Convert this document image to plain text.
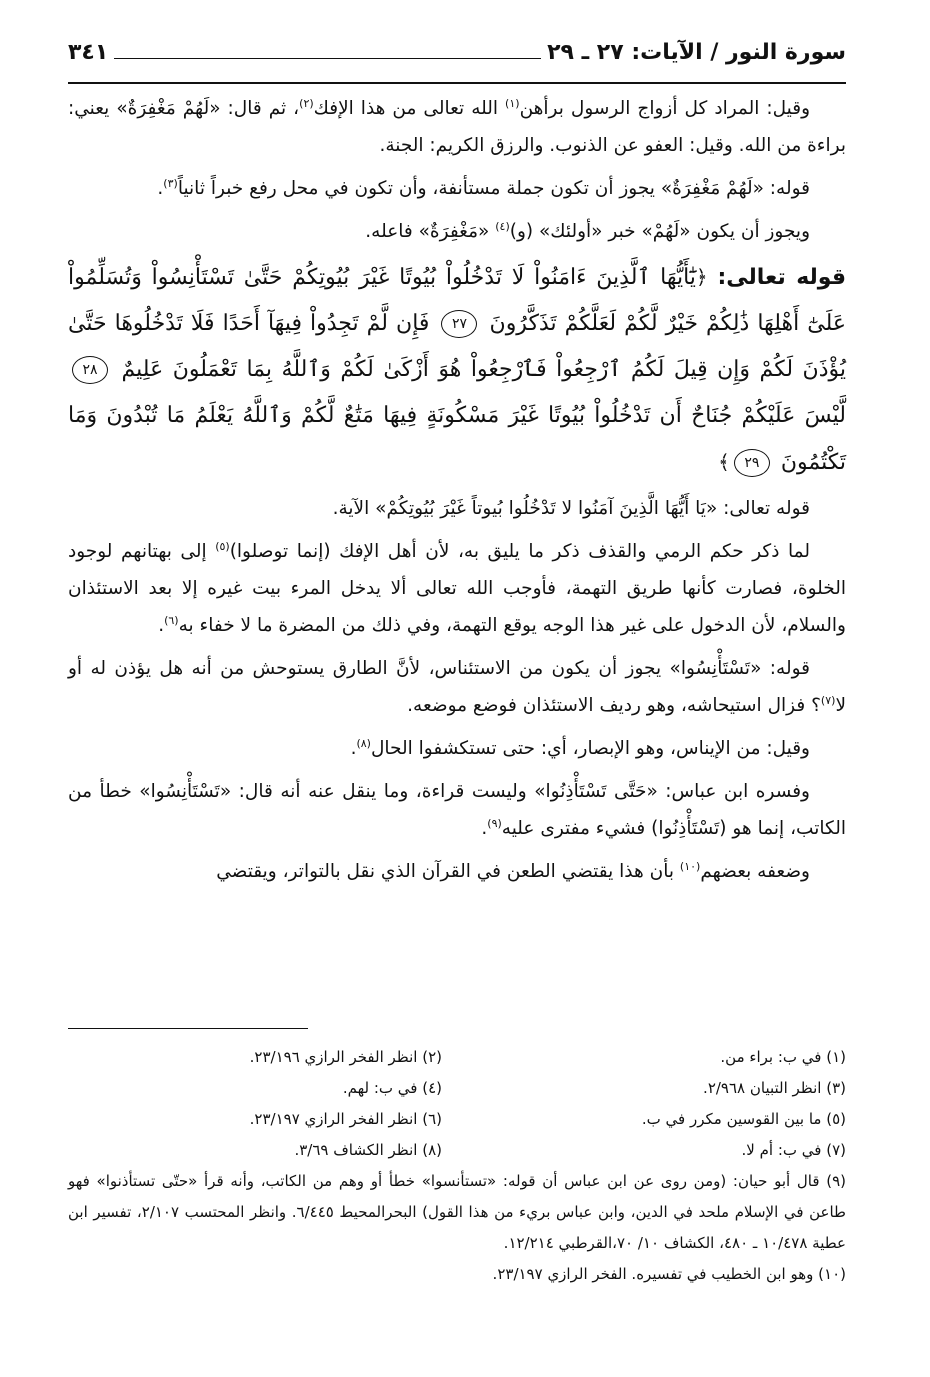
سورة النور / الآيات: ٢٧ ـ ٢٩
٣٤١

وقيل: المراد كل أزواج الرسول برأهن$^{(١)}$ الله تعالى من هذا الإفك$^{(٢)}$، ثم قال: «لَهُمْ مَغْفِرَةٌ» يعني: براءة من الله. وقيل: العفو عن الذنوب. والرزق الكريم: الجنة.

قوله: «لَهُمْ مَغْفِرَةٌ» يجوز أن تكون جملة مستأنفة، وأن تكون في محل رفع خبراً ثانياً$^{(٣)}$.

ويجوز أن يكون «لَهُمْ» خبر «أولئك» (و)$^{(٤)}$ «مَغْفِرَةٌ» فاعله.

قوله تعالى: ﴿يَٰٓأَيُّهَا ٱلَّذِينَ ءَامَنُواْ لَا تَدْخُلُواْ بُيُوتًا غَيْرَ بُيُوتِكُمْ حَتَّىٰ تَسْتَأْنِسُواْ وَتُسَلِّمُواْ عَلَىٰٓ أَهْلِهَا ذَٰلِكُمْ خَيْرٌ لَّكُمْ لَعَلَّكُمْ تَذَكَّرُونَ ٢٧ فَإِن لَّمْ تَجِدُواْ فِيهَآ أَحَدًا فَلَا تَدْخُلُوهَا حَتَّىٰ يُؤْذَنَ لَكُمْ وَإِن قِيلَ لَكُمُ ٱرْجِعُواْ فَٱرْجِعُواْ هُوَ أَزْكَىٰ لَكُمْ وَٱللَّهُ بِمَا تَعْمَلُونَ عَلِيمٌ ٢٨ لَّيْسَ عَلَيْكُمْ جُنَاحٌ أَن تَدْخُلُواْ بُيُوتًا غَيْرَ مَسْكُونَةٍ فِيهَا مَتَٰعٌ لَّكُمْ وَٱللَّهُ يَعْلَمُ مَا تُبْدُونَ وَمَا تَكْتُمُونَ ٢٩﴾

قوله تعالى: «يَا أَيُّهَا الَّذِينَ آمَنُوا لا تَدْخُلُوا بُيوتاً غَيْرَ بُيُوتِكُمْ» الآية.

لما ذكر حكم الرمي والقذف ذكر ما يليق به، لأن أهل الإفك (إنما توصلوا)$^{(٥)}$ إلى بهتانهم لوجود الخلوة، فصارت كأنها طريق التهمة، فأوجب الله تعالى ألا يدخل المرء بيت غيره إلا بعد الاستئذان والسلام، لأن الدخول على غير هذا الوجه يوقع التهمة، وفي ذلك من المضرة ما لا خفاء به$^{(٦)}$.

قوله: «تَسْتَأْنِسُوا» يجوز أن يكون من الاستئناس، لأنَّ الطارق يستوحش من أنه هل يؤذن له أو لا$^{(٧)}$؟ فزال استيحاشه، وهو رديف الاستئذان فوضع موضعه.

وقيل: من الإيناس، وهو الإبصار، أي: حتى تستكشفوا الحال$^{(٨)}$.

وفسره ابن عباس: «حَتَّى تَسْتَأْذِنُوا» وليست قراءة، وما ينقل عنه أنه قال: «تَسْتَأْنِسُوا» خطأ من الكاتب، إنما هو (تَسْتَأْذِنُوا) فشيء مفترى عليه$^{(٩)}$.

وضعفه بعضهم$^{(١٠)}$ بأن هذا يقتضي الطعن في القرآن الذي نقل بالتواتر، ويقتضي

(١) في ب: براء من.
(٢) انظر الفخر الرازي ٢٣/١٩٦.
(٣) انظر التبيان ٢/٩٦٨.
(٤) في ب: لهم.
(٥) ما بين القوسين مكرر في ب.
(٦) انظر الفخر الرازي ٢٣/١٩٧.
(٧) في ب: أم لا.
(٨) انظر الكشاف ٣/٦٩.
(٩) قال أبو حيان: (ومن روى عن ابن عباس أن قوله: «تستأنسوا» خطأ أو وهم من الكاتب، وأنه قرأ «حتّى تستأذنوا» فهو طاعن في الإسلام ملحد في الدين، وابن عباس بريء من هذا القول) البحرالمحيط ٦/٤٤٥. وانظر المحتسب ٢/١٠٧، تفسير ابن عطية ١٠/٤٧٨ ـ ٤٨٠، الكشاف ١٠/ ٧٠،القرطبي ١٢/٢١٤.
(١٠) وهو ابن الخطيب في تفسيره. الفخر الرازي ٢٣/١٩٧.
